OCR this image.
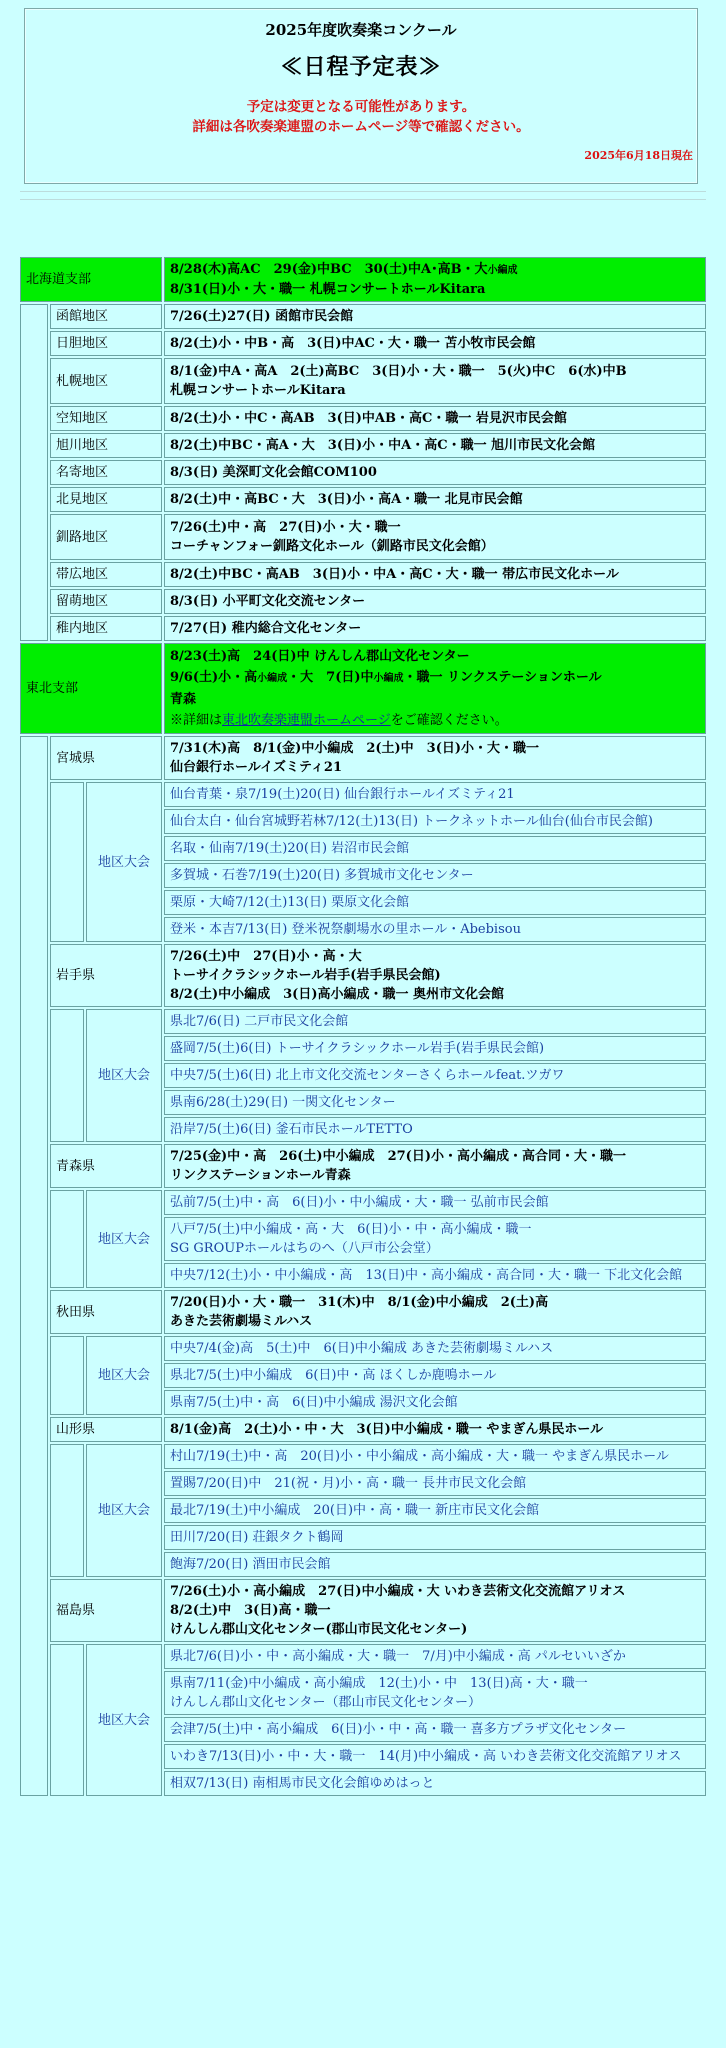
2025年度吹奏楽コンクール
≪日程予定表≫
予定は変更となる可能性があります。
詳細は各吹奏楽連盟のホームページ等で確認ください。
2025年6月18日現在
北海道支部			8/28(木)高AC　29(金)中BC　30(土)中A･高B・大小編成
8/31(日)小・大・職一 札幌コンサートホールKitara

	函館地区		7/26(土)27(日) 函館市民会館

	日胆地区		8/2(土)小・中B・高　3(日)中AC・大・職一 苫小牧市民会館

	札幌地区		8/1(金)中A・高A　2(土)高BC　3(日)小・大・職一　5(火)中C　6(水)中B
札幌コンサートホールKitara

	空知地区		8/2(土)小・中C・高AB　3(日)中AB・高C・職一 岩見沢市民会館

	旭川地区		8/2(土)中BC・高A・大　3(日)小・中A・高C・職一 旭川市民文化会館

	名寄地区		8/3(日) 美深町文化会館COM100

	北見地区		8/2(土)中・高BC・大　3(日)小・高A・職一 北見市民会館

	釧路地区		7/26(土)中・高　27(日)小・大・職一
コーチャンフォー釧路文化ホール（釧路市民文化会館）

	帯広地区		8/2(土)中BC・高AB　3(日)小・中A・高C・大・職一 帯広市民文化ホール

	留萌地区		8/3(日) 小平町文化交流センター

	稚内地区		7/27(日) 稚内総合文化センター

東北支部			8/23(土)高　24(日)中 けんしん郡山文化センター
9/6(土)小・高小編成・大　7(日)中小編成・職一 リンクステーションホール
青森
※詳細は東北吹奏楽連盟ホームページをご確認ください。

	宮城県		7/31(木)高　8/1(金)中小編成　2(土)中　3(日)小・大・職一
仙台銀行ホールイズミティ21

		地区大会	仙台青葉・泉7/19(土)20(日) 仙台銀行ホールイズミティ21

			仙台太白・仙台宮城野若林7/12(土)13(日) トークネットホール仙台(仙台市民会館)

			名取・仙南7/19(土)20(日) 岩沼市民会館

			多賀城・石巻7/19(土)20(日) 多賀城市文化センター

			栗原・大崎7/12(土)13(日) 栗原文化会館

			登米・本吉7/13(日) 登米祝祭劇場水の里ホール・Abebisou

	岩手県		7/26(土)中　27(日)小・高・大
トーサイクラシックホール岩手(岩手県民会館)
8/2(土)中小編成　3(日)高小編成・職一 奥州市文化会館

		地区大会	県北7/6(日) 二戸市民文化会館

			盛岡7/5(土)6(日) トーサイクラシックホール岩手(岩手県民会館)

			中央7/5(土)6(日) 北上市文化交流センターさくらホールfeat.ツガワ

			県南6/28(土)29(日) 一関文化センター

			沿岸7/5(土)6(日) 釜石市民ホールTETTO

	青森県		7/25(金)中・高　26(土)中小編成　27(日)小・高小編成・高合同・大・職一
リンクステーションホール青森

		地区大会	弘前7/5(土)中・高　6(日)小・中小編成・大・職一 弘前市民会館

			八戸7/5(土)中小編成・高・大　6(日)小・中・高小編成・職一
SG GROUPホールはちのへ（八戸市公会堂）

			中央7/12(土)小・中小編成・高　13(日)中・高小編成・高合同・大・職一 下北文化会館

	秋田県		7/20(日)小・大・職一　31(木)中　8/1(金)中小編成　2(土)高
あきた芸術劇場ミルハス

		地区大会	中央7/4(金)高　5(土)中　6(日)中小編成 あきた芸術劇場ミルハス

			県北7/5(土)中小編成　6(日)中・高 ほくしか鹿鳴ホール

			県南7/5(土)中・高　6(日)中小編成 湯沢文化会館

	山形県		8/1(金)高　2(土)小・中・大　3(日)中小編成・職一 やまぎん県民ホール

		地区大会	村山7/19(土)中・高　20(日)小・中小編成・高小編成・大・職一 やまぎん県民ホール

			置賜7/20(日)中　21(祝・月)小・高・職一 長井市民文化会館

			最北7/19(土)中小編成　20(日)中・高・職一 新庄市民文化会館

			田川7/20(日) 荘銀タクト鶴岡

			飽海7/20(日) 酒田市民会館

	福島県		7/26(土)小・高小編成　27(日)中小編成・大 いわき芸術文化交流館アリオス
8/2(土)中　3(日)高・職一
けんしん郡山文化センター(郡山市民文化センター)

		地区大会	県北7/6(日)小・中・高小編成・大・職一　7/月)中小編成・高 パルセいいざか

			県南7/11(金)中小編成・高小編成　12(土)小・中　13(日)高・大・職一
けんしん郡山文化センター（郡山市民文化センター）

			会津7/5(土)中・高小編成　6(日)小・中・高・職一 喜多方プラザ文化センター

			いわき7/13(日)小・中・大・職一　14(月)中小編成・高 いわき芸術文化交流館アリオス

			相双7/13(日) 南相馬市民文化会館ゆめはっと
